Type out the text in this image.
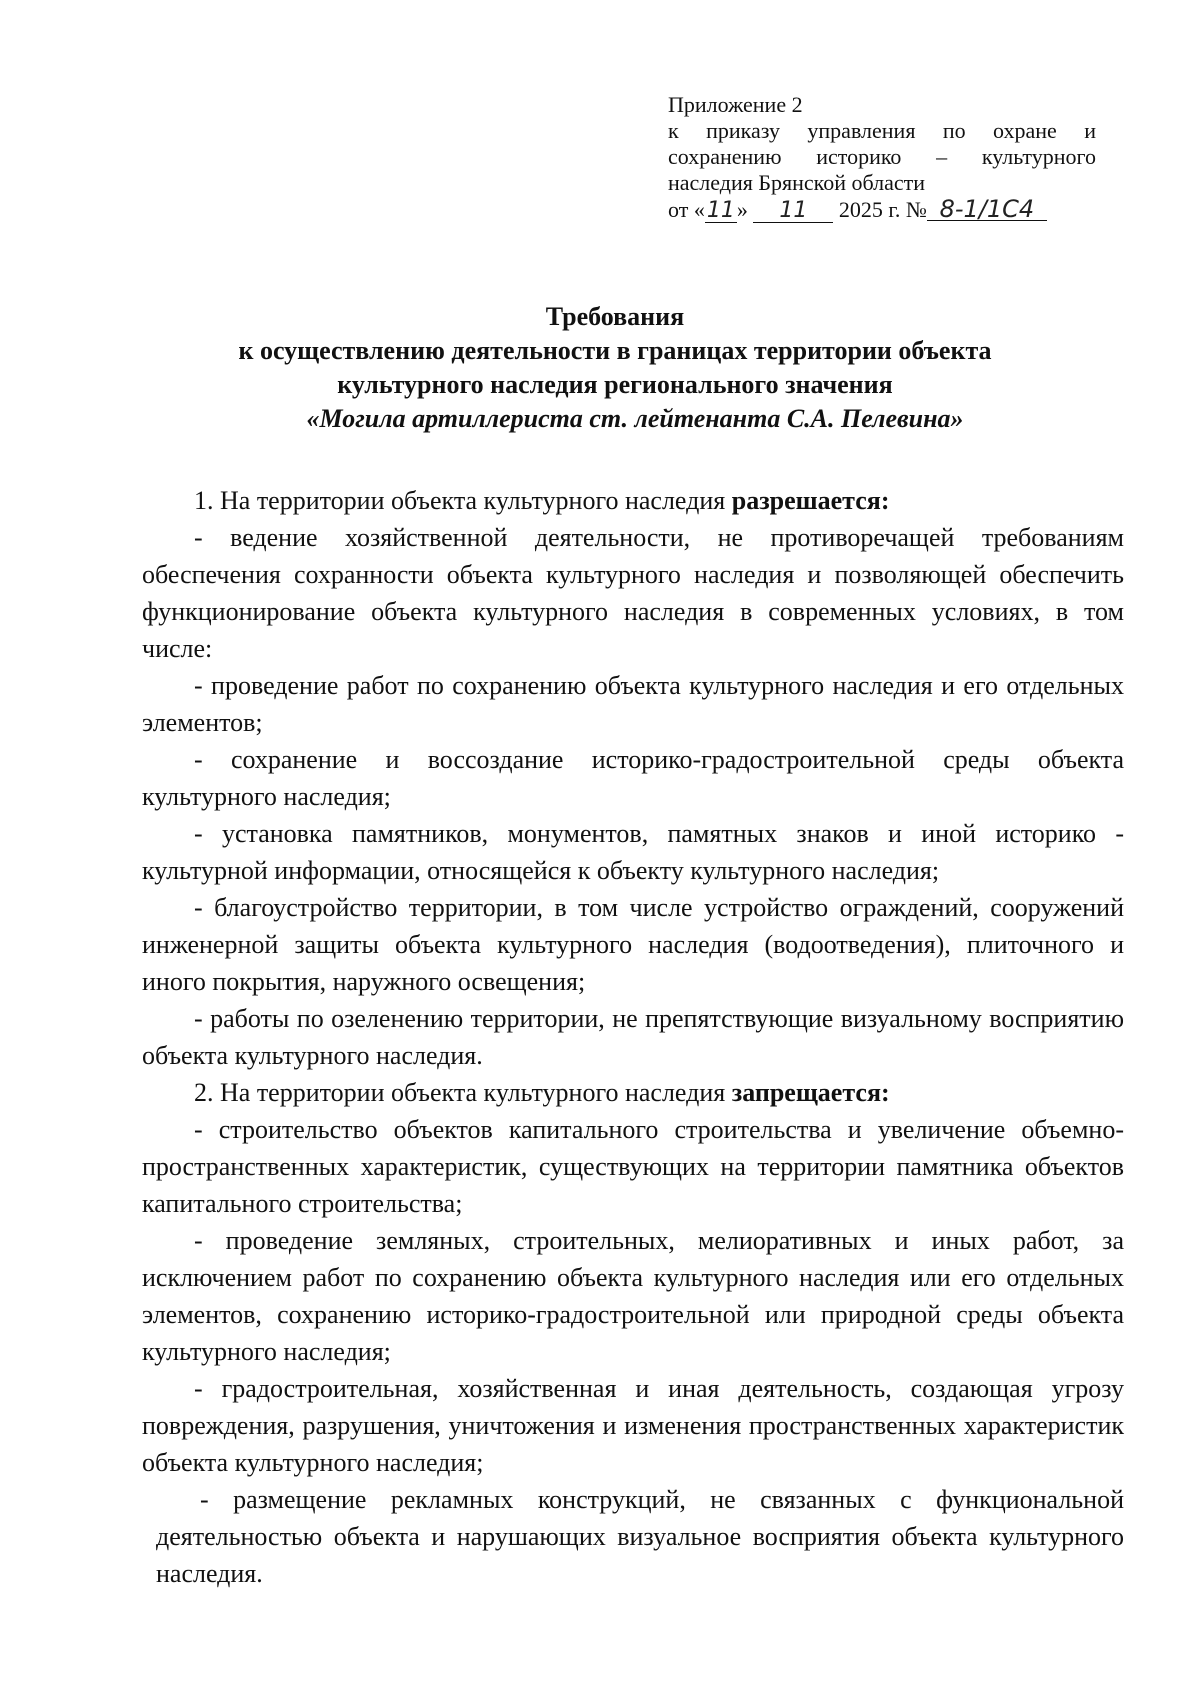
Приложение 2
к приказу управления по охране и
сохранению историко – культурного
наследия Брянской области
от «11» 11 2025 г. № 8-1/1С4
Требования
к осуществлению деятельности в границах территории объекта
культурного наследия регионального значения
«Могила артиллериста ст. лейтенанта С.А. Пелевина»

1. На территории объекта культурного наследия разрешается:

- ведение хозяйственной деятельности, не противоречащей требованиям обеспечения сохранности объекта культурного наследия и позволяющей обеспечить функционирование объекта культурного наследия в современных условиях, в том числе:

- проведение работ по сохранению объекта культурного наследия и его отдельных элементов;

- сохранение и воссоздание историко-градостроительной среды объекта культурного наследия;

- установка памятников, монументов, памятных знаков и иной историко - культурной информации, относящейся к объекту культурного наследия;

- благоустройство территории, в том числе устройство ограждений, сооружений инженерной защиты объекта культурного наследия (водоотведения), плиточного и иного покрытия, наружного освещения;

- работы по озеленению территории, не препятствующие визуальному восприятию объекта культурного наследия.

2. На территории объекта культурного наследия запрещается:

- строительство объектов капитального строительства и увеличение объемно-пространственных характеристик, существующих на территории памятника объектов капитального строительства;

- проведение земляных, строительных, мелиоративных и иных работ, за исключением работ по сохранению объекта культурного наследия или его отдельных элементов, сохранению историко-градостроительной или природной среды объекта культурного наследия;

- градостроительная, хозяйственная и иная деятельность, создающая угрозу повреждения, разрушения, уничтожения и изменения пространственных характеристик объекта культурного наследия;

- размещение рекламных конструкций, не связанных с функциональной деятельностью объекта и нарушающих визуальное восприятия объекта культурного наследия.
